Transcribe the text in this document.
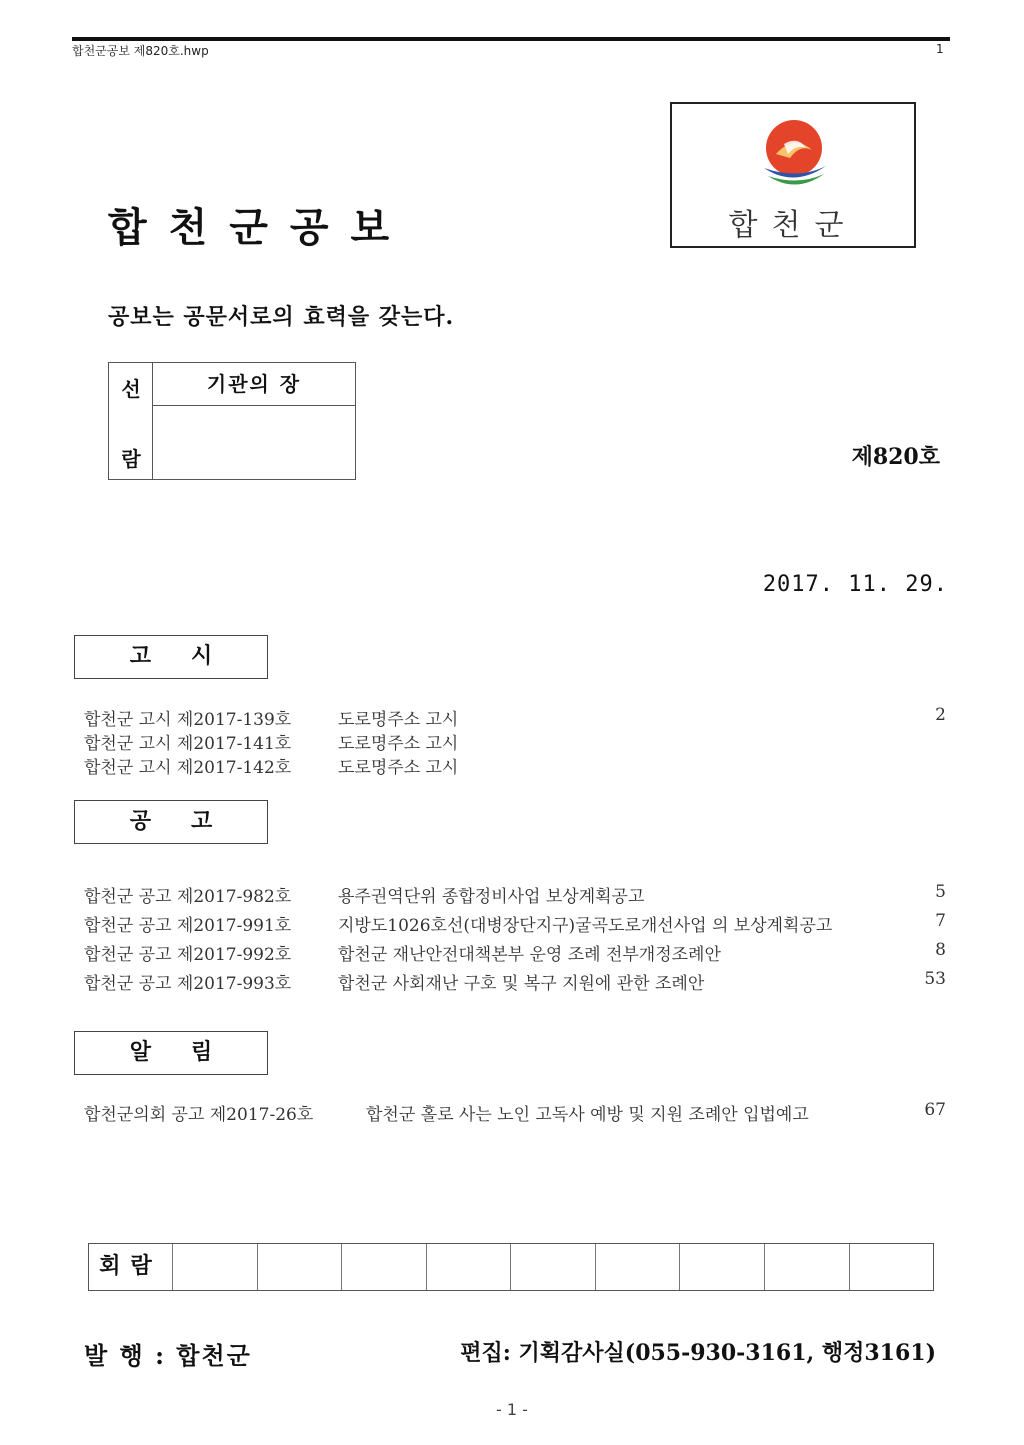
합천군공보 제820호.hwp	1
합천군공보	합천군
공보는 공문서로의 효력을 갖는다.
선
람
기관의 장
제820호
2017. 11. 29.
고시
합천군 고시 제2017-139호	도로명주소 고시	2
합천군 고시 제2017-141호	도로명주소 고시
합천군 고시 제2017-142호	도로명주소 고시
공고
합천군 공고 제2017-982호	용주권역단위 종합정비사업 보상계획공고	5
합천군 공고 제2017-991호	지방도1026호선(대병장단지구)굴곡도로개선사업 의 보상계획공고	7
합천군 공고 제2017-992호	합천군 재난안전대책본부 운영 조례 전부개정조례안	8
합천군 공고 제2017-993호	합천군 사회재난 구호 및 복구 지원에 관한 조례안	53
알림
합천군의회 공고 제2017-26호	합천군 홀로 사는 노인 고독사 예방 및 지원 조례안 입법예고	67
회람
발 행 : 합천군	편집: 기획감사실(055-930-3161, 행정3161)
- 1 -
